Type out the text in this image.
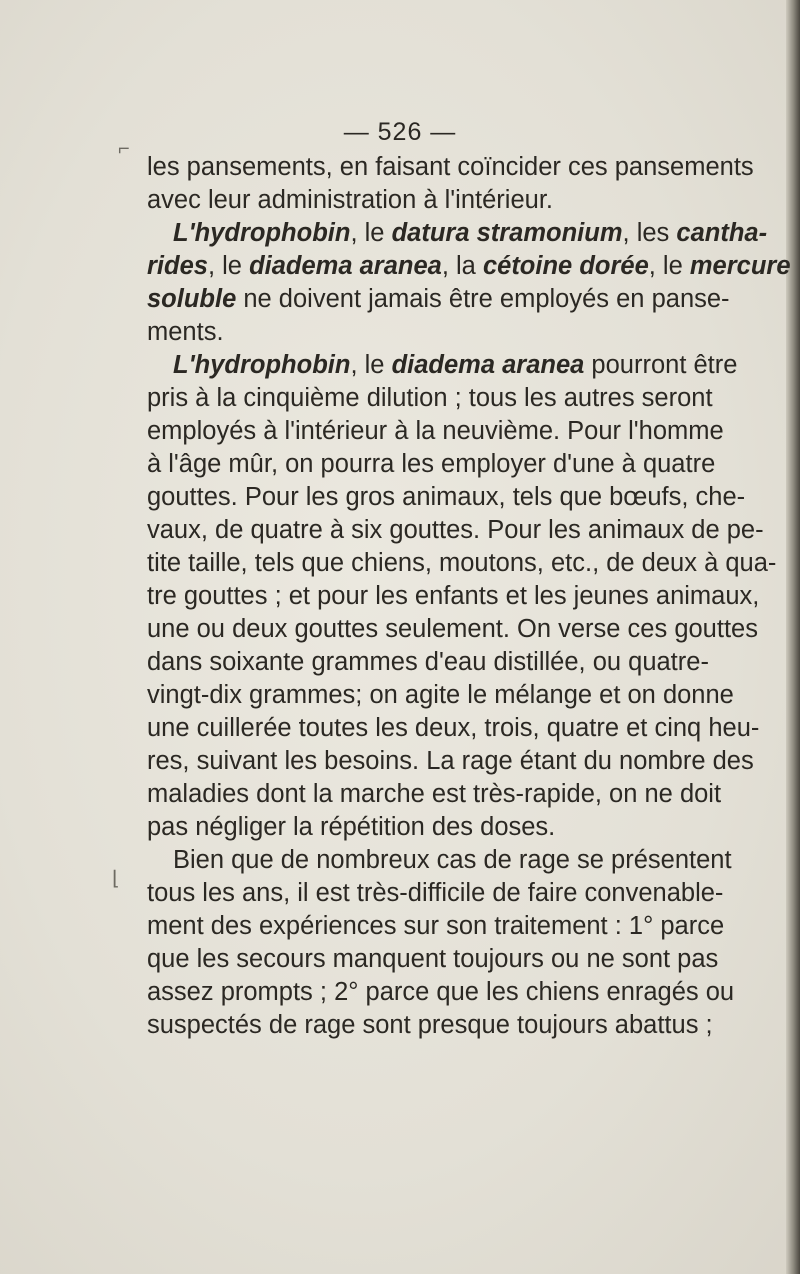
⌐
⌊
— 526 —
les pansements, en faisant coïncider ces pansements
avec leur administration à l'intérieur.
L'hydrophobin, le datura stramonium, les cantha-
rides, le diadema aranea, la cétoine dorée, le mercure
soluble ne doivent jamais être employés en panse-
ments.
L'hydrophobin, le diadema aranea pourront être
pris à la cinquième dilution ; tous les autres seront
employés à l'intérieur à la neuvième. Pour l'homme
à l'âge mûr, on pourra les employer d'une à quatre
gouttes. Pour les gros animaux, tels que bœufs, che-
vaux, de quatre à six gouttes. Pour les animaux de pe-
tite taille, tels que chiens, moutons, etc., de deux à qua-
tre gouttes ; et pour les enfants et les jeunes animaux,
une ou deux gouttes seulement. On verse ces gouttes
dans soixante grammes d'eau distillée, ou quatre-
vingt-dix grammes; on agite le mélange et on donne
une cuillerée toutes les deux, trois, quatre et cinq heu-
res, suivant les besoins. La rage étant du nombre des
maladies dont la marche est très-rapide, on ne doit
pas négliger la répétition des doses.
Bien que de nombreux cas de rage se présentent
tous les ans, il est très-difficile de faire convenable-
ment des expériences sur son traitement : 1° parce
que les secours manquent toujours ou ne sont pas
assez prompts ; 2° parce que les chiens enragés ou
suspectés de rage sont presque toujours abattus ;
